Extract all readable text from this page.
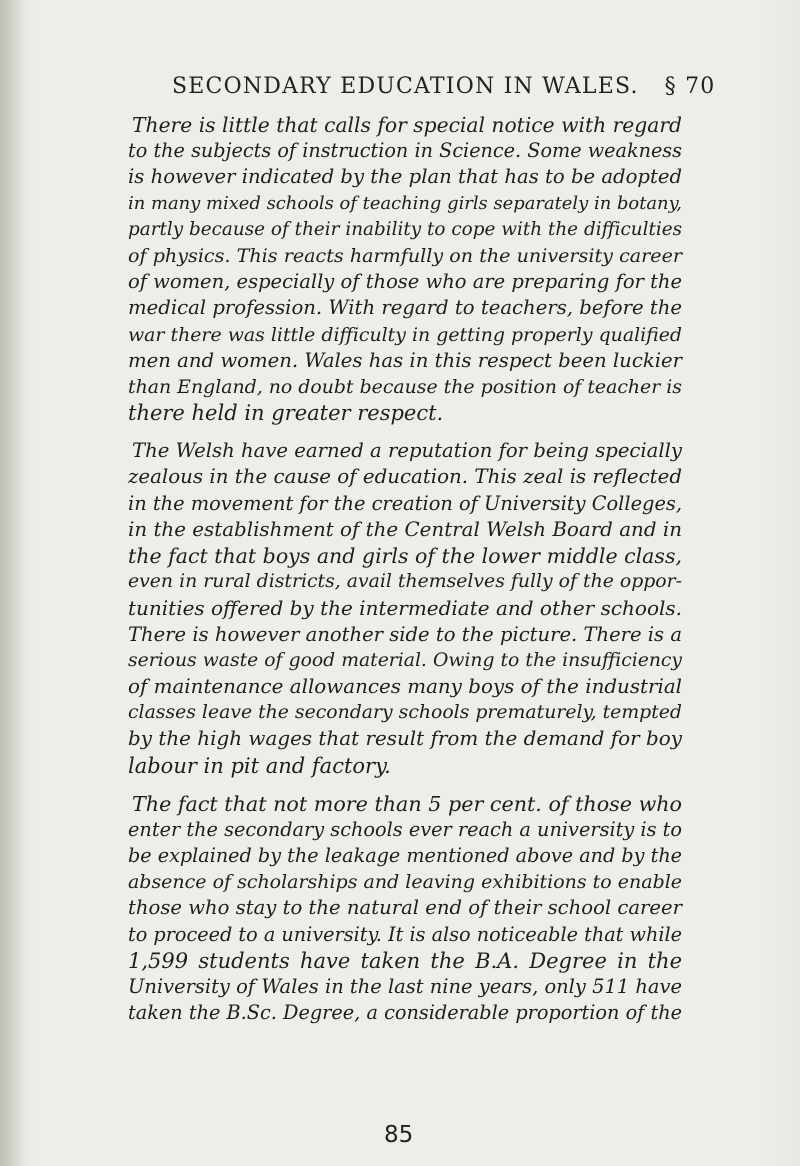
SECONDARY EDUCATION IN WALES. § 70
There is little that calls for special notice with regard
to the subjects of instruction in Science. Some weakness
is however indicated by the plan that has to be adopted
in many mixed schools of teaching girls separately in botany,
partly because of their inability to cope with the difficulties
of physics. This reacts harmfully on the university career
of women, especially of those who are preparing for the
medical profession. With regard to teachers, before the
war there was little difficulty in getting properly qualified
men and women. Wales has in this respect been luckier
than England, no doubt because the position of teacher is
there held in greater respect.
The Welsh have earned a reputation for being specially
zealous in the cause of education. This zeal is reflected
in the movement for the creation of University Colleges,
in the establishment of the Central Welsh Board and in
the fact that boys and girls of the lower middle class,
even in rural districts, avail themselves fully of the oppor-
tunities offered by the intermediate and other schools.
There is however another side to the picture. There is a
serious waste of good material. Owing to the insufficiency
of maintenance allowances many boys of the industrial
classes leave the secondary schools prematurely, tempted
by the high wages that result from the demand for boy
labour in pit and factory.
The fact that not more than 5 per cent. of those who
enter the secondary schools ever reach a university is to
be explained by the leakage mentioned above and by the
absence of scholarships and leaving exhibitions to enable
those who stay to the natural end of their school career
to proceed to a university. It is also noticeable that while
1,599 students have taken the B.A. Degree in the
University of Wales in the last nine years, only 511 have
taken the B.Sc. Degree, a considerable proportion of the
85
